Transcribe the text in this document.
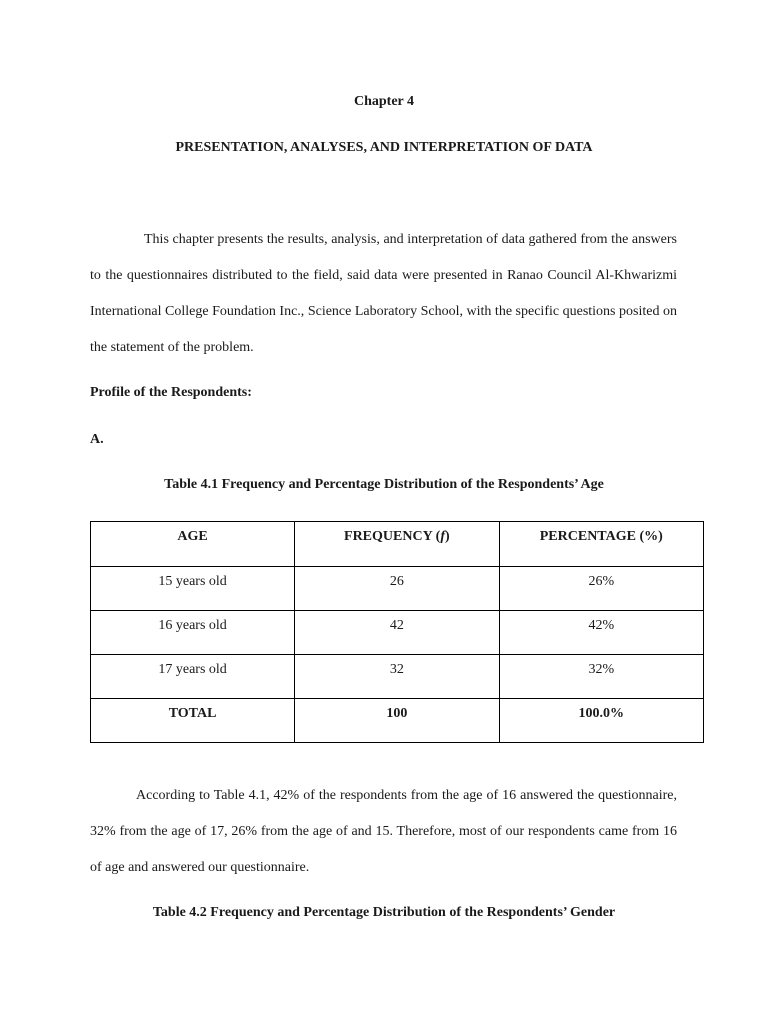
Chapter 4
PRESENTATION, ANALYSES, AND INTERPRETATION OF DATA

This chapter presents the results, analysis, and interpretation of data gathered from the answers to the questionnaires distributed to the field, said data were presented in Ranao Council Al-Khwarizmi International College Foundation Inc., Science Laboratory School, with the specific questions posited on the statement of the problem.

Profile of the Respondents:
A.
Table 4.1 Frequency and Percentage Distribution of the Respondents’ Age
AGE	FREQUENCY (f)	PERCENTAGE (%)
15 years old	26	26%
16 years old	42	42%
17 years old	32	32%
TOTAL	100	100.0%

According to Table 4.1, 42% of the respondents from the age of 16 answered the questionnaire, 32% from the age of 17, 26% from the age of and 15. Therefore, most of our respondents came from 16 of age and answered our questionnaire.

Table 4.2 Frequency and Percentage Distribution of the Respondents’ Gender
